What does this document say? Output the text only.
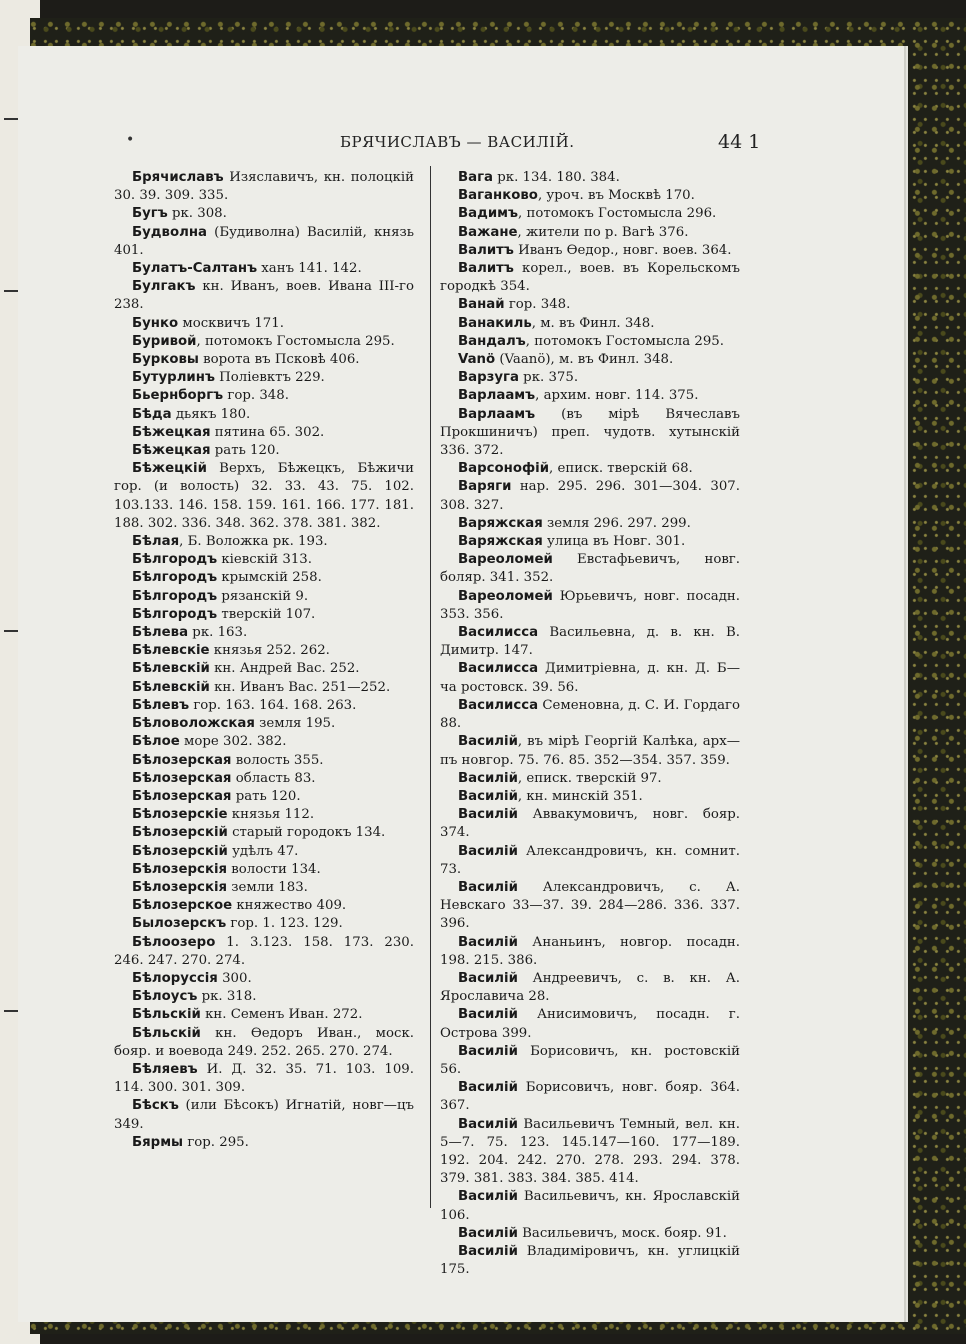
•	БРЯЧИСЛАВЪ — ВАСИЛІЙ.	44 1

Брячиславъ Изяславичъ, кн. полоцкій 30. 39. 309. 335.

Бугъ рк. 308.

Будволна (Будиволна) Василій, князь 401.

Булатъ-Салтанъ ханъ 141. 142.

Булгакъ кн. Иванъ, воев. Ивана III-го 238.

Бунко москвичъ 171.

Буривой, потомокъ Гостомысла 295.

Бурковы ворота въ Псковѣ 406.

Бутурлинъ Поліевктъ 229.

Бьернборгъ гор. 348.

Бѣда дьякъ 180.

Бѣжецкая пятина 65. 302.

Бѣжецкая рать 120.

Бѣжецкій Верхъ, Бѣжецкъ, Бѣжичи гор. (и волость) 32. 33. 43. 75. 102. 103.133. 146. 158. 159. 161. 166. 177. 181. 188. 302. 336. 348. 362. 378. 381. 382.

Бѣлая, Б. Воложка рк. 193.

Бѣлгородъ кіевскій 313.

Бѣлгородъ крымскій 258.

Бѣлгородъ рязанскій 9.

Бѣлгородъ тверскій 107.

Бѣлева рк. 163.

Бѣлевскіе князья 252. 262.

Бѣлевскій кн. Андрей Вас. 252.

Бѣлевскій кн. Иванъ Вас. 251—252.

Бѣлевъ гор. 163. 164. 168. 263.

Бѣловоложская земля 195.

Бѣлое море 302. 382.

Бѣлозерская волость 355.

Бѣлозерская область 83.

Бѣлозерская рать 120.

Бѣлозерскіе князья 112.

Бѣлозерскій старый городокъ 134.

Бѣлозерскій удѣлъ 47.

Бѣлозерскія волости 134.

Бѣлозерскія земли 183.

Бѣлозерское княжество 409.

Былозерскъ гор. 1. 123. 129.

Бѣлоозеро 1. 3.123. 158. 173. 230. 246. 247. 270. 274.

Бѣлоруссія 300.

Бѣлоусъ рк. 318.

Бѣльскій кн. Семенъ Иван. 272.

Бѣльскій кн. Ѳедоръ Иван., моск. бояр. и воевода 249. 252. 265. 270. 274.

Бѣляевъ И. Д. 32. 35. 71. 103. 109. 114. 300. 301. 309.

Бѣскъ (или Бѣсокъ) Игнатій, новг—цъ 349.

Бярмы гор. 295.

Вага рк. 134. 180. 384.

Ваганково, уроч. въ Москвѣ 170.

Вадимъ, потомокъ Гостомысла 296.

Важане, жители по р. Вагѣ 376.

Валитъ Иванъ Ѳедор., новг. воев. 364.

Валитъ корел., воев. въ Корельскомъ городкѣ 354.

Ванай гор. 348.

Ванакиль, м. въ Финл. 348.

Вандалъ, потомокъ Гостомысла 295.

Vanö (Vaanö), м. въ Финл. 348.

Варзуга рк. 375.

Варлаамъ, архим. новг. 114. 375.

Варлаамъ (въ мірѣ Вячеславъ Прокшиничъ) преп. чудотв. хутынскій 336. 372.

Варсонофій, еписк. тверскій 68.

Варяги нар. 295. 296. 301—304. 307. 308. 327.

Варяжская земля 296. 297. 299.

Варяжская улица въ Новг. 301.

Вареоломей Евстафьевичъ, новг. боляр. 341. 352.

Вареоломей Юрьевичъ, новг. посадн. 353. 356.

Василисса Васильевна, д. в. кн. В. Димитр. 147.

Василисса Димитріевна, д. кн. Д. Б—ча ростовск. 39. 56.

Василисса Семеновна, д. С. И. Гордаго 88.

Василій, въ мірѣ Георгій Калѣка, арх—пъ новгор. 75. 76. 85. 352—354. 357. 359.

Василій, еписк. тверскій 97.

Василій, кн. минскій 351.

Василій Аввакумовичъ, новг. бояр. 374.

Василій Александровичъ, кн. сомнит. 73.

Василій Александровичъ, с. А. Невскаго 33—37. 39. 284—286. 336. 337. 396.

Василій Ананьинъ, новгор. посадн. 198. 215. 386.

Василій Андреевичъ, с. в. кн. А. Ярославича 28.

Василій Анисимовичъ, посадн. г. Острова 399.

Василій Борисовичъ, кн. ростовскій 56.

Василій Борисовичъ, новг. бояр. 364. 367.

Василій Васильевичъ Темный, вел. кн. 5—7. 75. 123. 145.147—160. 177—189. 192. 204. 242. 270. 278. 293. 294. 378. 379. 381. 383. 384. 385. 414.

Василій Васильевичъ, кн. Ярославскій 106.

Василій Васильевичъ, моск. бояр. 91.

Василій Владиміровичъ, кн. углицкій 175.
